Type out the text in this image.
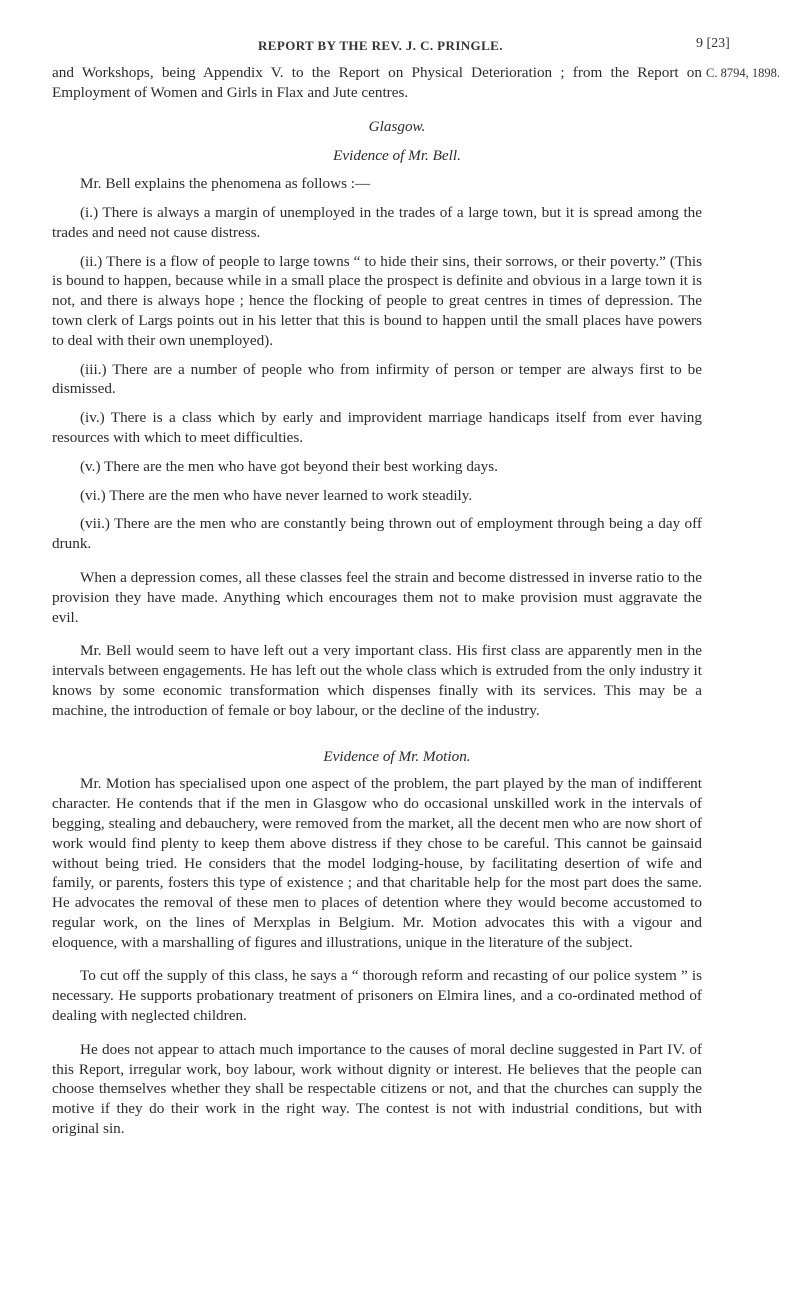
REPORT BY THE REV. J. C. PRINGLE.	9 [23]
C. 8794, 1898.

and Workshops, being Appendix V. to the Report on Physical Deterioration ; from the Report on Employment of Women and Girls in Flax and Jute centres.

Glasgow.

Evidence of Mr. Bell.

Mr. Bell explains the phenomena as follows :—

(i.) There is always a margin of unemployed in the trades of a large town, but it is spread among the trades and need not cause distress.

(ii.) There is a flow of people to large towns “ to hide their sins, their sorrows, or their poverty.” (This is bound to happen, because while in a small place the prospect is definite and obvious in a large town it is not, and there is always hope ; hence the flocking of people to great centres in times of depression. The town clerk of Largs points out in his letter that this is bound to happen until the small places have powers to deal with their own unemployed).

(iii.) There are a number of people who from infirmity of person or temper are always first to be dismissed.

(iv.) There is a class which by early and improvident marriage handicaps itself from ever having resources with which to meet difficulties.

(v.) There are the men who have got beyond their best working days.

(vi.) There are the men who have never learned to work steadily.

(vii.) There are the men who are constantly being thrown out of employment through being a day off drunk.

When a depression comes, all these classes feel the strain and become distressed in inverse ratio to the provision they have made. Anything which encourages them not to make provision must aggravate the evil.

Mr. Bell would seem to have left out a very important class. His first class are apparently men in the intervals between engagements. He has left out the whole class which is extruded from the only industry it knows by some economic transformation which dispenses finally with its services. This may be a machine, the introduction of female or boy labour, or the decline of the industry.

Evidence of Mr. Motion.

Mr. Motion has specialised upon one aspect of the problem, the part played by the man of indifferent character. He contends that if the men in Glasgow who do occasional unskilled work in the intervals of begging, stealing and debauchery, were removed from the market, all the decent men who are now short of work would find plenty to keep them above distress if they chose to be careful. This cannot be gainsaid without being tried. He considers that the model lodging-house, by facilitating desertion of wife and family, or parents, fosters this type of existence ; and that charitable help for the most part does the same. He advocates the removal of these men to places of detention where they would become accustomed to regular work, on the lines of Merxplas in Belgium. Mr. Motion advocates this with a vigour and eloquence, with a marshalling of figures and illustrations, unique in the literature of the subject.

To cut off the supply of this class, he says a “ thorough reform and recasting of our police system ” is necessary. He supports probationary treatment of prisoners on Elmira lines, and a co-ordinated method of dealing with neglected children.

He does not appear to attach much importance to the causes of moral decline suggested in Part IV. of this Report, irregular work, boy labour, work without dignity or interest. He believes that the people can choose themselves whether they shall be respectable citizens or not, and that the churches can supply the motive if they do their work in the right way. The contest is not with industrial conditions, but with original sin.
